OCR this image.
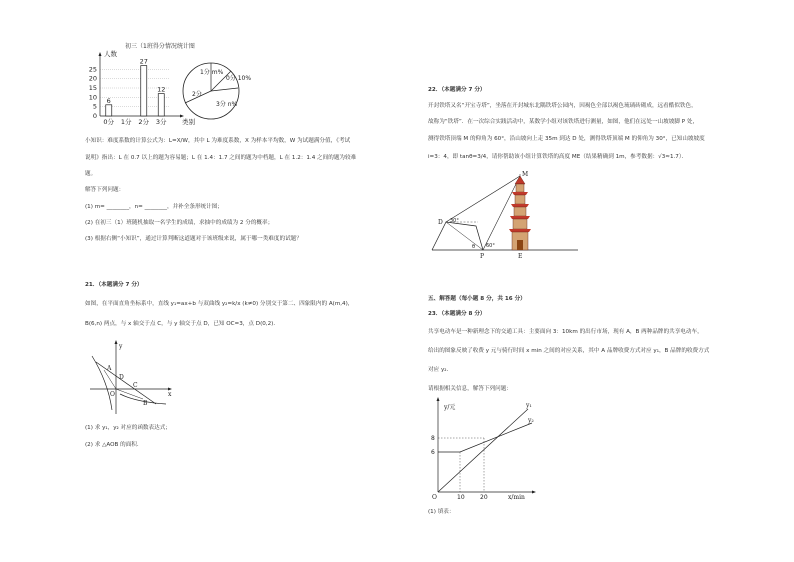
初三（1班得分情况统计图
0
5
10
15
20
25
人数
类别
6
0分 1分
27
2分
12
3分
1分 m%
0分 10%
2分
3分 n%
小知识：难度系数的计算公式为：L=X/W，其中 L 为难度系数，X 为样本平均数，W 为试题满分值，《考试
说明》指出：L 在 0.7 以上的题为容易题；L 在 1.4：1.7 之间的题为中档题，L 在 1.2：1.4 之间的题为较难
题。
解答下列问题：
(1) m= ________，n= ________，并补全条形统计图；
(2) 在初三（1）班随机抽取一名学生的成绩，求抽中的成绩为 2 分的概率；
(3) 根据右侧“小知识”，通过计算判断这道题对于该班级来说，属于哪一类难度的试题？
21．（本题满分 7 分）
如图，在平面直角坐标系中，直线 y₁=ax+b 与双曲线 y₂=k/x (k≠0) 分别交于第二、四象限内的 A(m,4)，
B(6,n) 两点，与 x 轴交于点 C，与 y 轴交于点 D，已知 OC=3，点 D(0,2)．
A
D
C
O
B
x
y
(1) 求 y₁，y₂ 对应的函数表达式；
(2) 求 △AOB 的面积．
22．（本题满分 7 分）
开封铁塔又名“开宝寺塔”，坐落在开封城东北隅铁塔公园内，因褐色全部以褐色琉璃砖砌成，远看酷似铁色，
故称为“铁塔”．在一次综合实践活动中，某数学小组对该铁塔进行测量，如图，他们在远处一山坡坡脚 P 处，
测得铁塔顶端 M 的仰角为 60°，沿山坡向上走 35m 到达 D 处，测得铁塔顶端 M 的仰角为 30°，已知山坡坡度
i=3：4，即 tanθ=3/4，请你帮助该小组计算铁塔的高度 ME（结果精确到 1m，参考数据：√3≈1.7）．
M
D 30°
θ 60°
P	E
五、解答题（每小题 8 分，共 16 分）
23．（本题满分 8 分）
共享电动车是一种新理念下的交通工具：主要面向 3：10km 的出行市场，现有 A，B 两种品牌的共享电动车，
给出的图象反映了收费 y 元与骑行时间 x min 之间的对应关系，其中 A 品牌收费方式对应 y₁，B 品牌的收费方式
对应 y₂．
请根据相关信息，解答下列问题：
y/元
x/min
O	10	20
6
8
y₁
y₂
(1) 填表：
